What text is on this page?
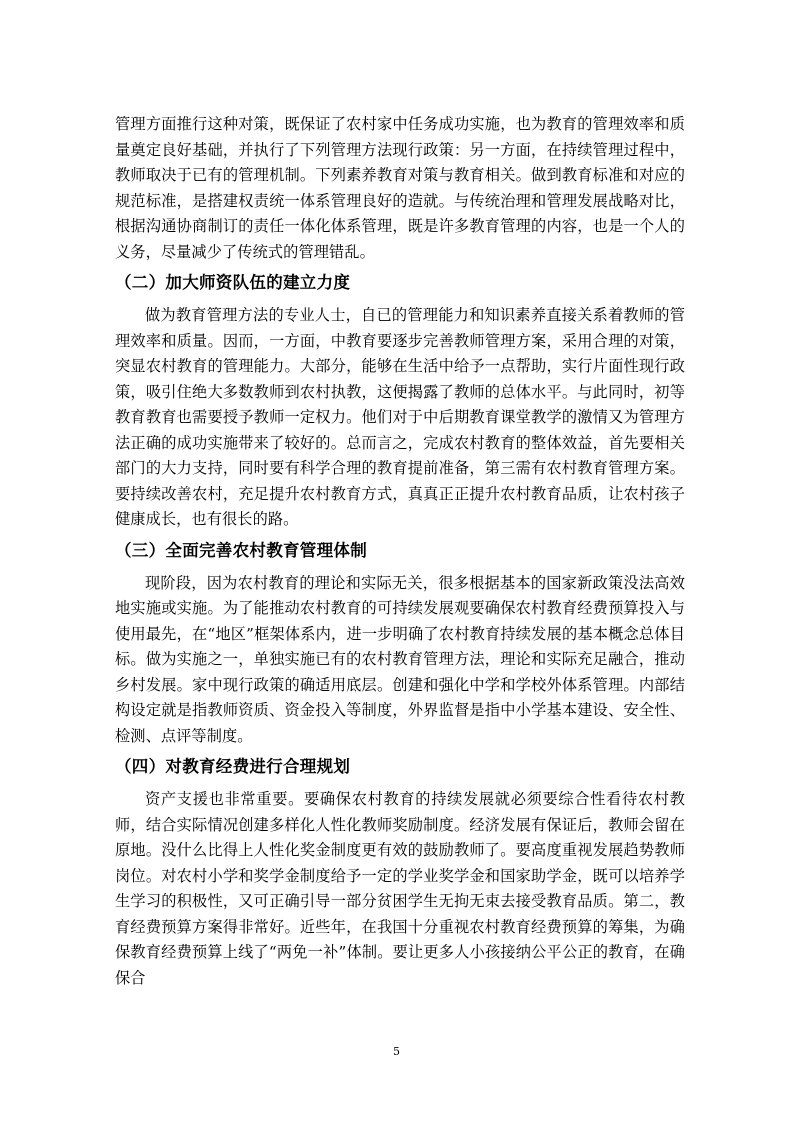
管理方面推行这种对策，既保证了农村家中任务成功实施，也为教育的管理效率和质量奠定良好基础，并执行了下列管理方法现行政策：另一方面，在持续管理过程中，教师取决于已有的管理机制。下列素养教育对策与教育相关。做到教育标准和对应的规范标准，是搭建权责统一体系管理良好的造就。与传统治理和管理发展战略对比，根据沟通协商制订的责任一体化体系管理，既是许多教育管理的内容，也是一个人的义务，尽量减少了传统式的管理错乱。

（二）加大师资队伍的建立力度

做为教育管理方法的专业人士，自已的管理能力和知识素养直接关系着教师的管理效率和质量。因而，一方面，中教育要逐步完善教师管理方案，采用合理的对策，突显农村教育的管理能力。大部分，能够在生活中给予一点帮助，实行片面性现行政策，吸引住绝大多数教师到农村执教，这便揭露了教师的总体水平。与此同时，初等教育教育也需要授予教师一定权力。他们对于中后期教育课堂教学的激情又为管理方法正确的成功实施带来了较好的。总而言之，完成农村教育的整体效益，首先要相关部门的大力支持，同时要有科学合理的教育提前准备，第三需有农村教育管理方案。要持续改善农村，充足提升农村教育方式，真真正正提升农村教育品质，让农村孩子健康成长，也有很长的路。

（三）全面完善农村教育管理体制

现阶段，因为农村教育的理论和实际无关，很多根据基本的国家新政策没法高效地实施或实施。为了能推动农村教育的可持续发展观要确保农村教育经费预算投入与使用最先，在“地区”框架体系内，进一步明确了农村教育持续发展的基本概念总体目标。做为实施之一，单独实施已有的农村教育管理方法，理论和实际充足融合，推动乡村发展。家中现行政策的确适用底层。创建和强化中学和学校外体系管理。内部结构设定就是指教师资质、资金投入等制度，外界监督是指中小学基本建设、安全性、检测、点评等制度。

（四）对教育经费进行合理规划

资产支援也非常重要。要确保农村教育的持续发展就必须要综合性看待农村教师，结合实际情况创建多样化人性化教师奖励制度。经济发展有保证后，教师会留在原地。没什么比得上人性化奖金制度更有效的鼓励教师了。要高度重视发展趋势教师岗位。对农村小学和奖学金制度给予一定的学业奖学金和国家助学金，既可以培养学生学习的积极性，又可正确引导一部分贫困学生无拘无束去接受教育品质。第二，教育经费预算方案得非常好。近些年，在我国十分重视农村教育经费预算的筹集，为确保教育经费预算上线了“两免一补”体制。要让更多人小孩接纳公平公正的教育，在确保合

5
